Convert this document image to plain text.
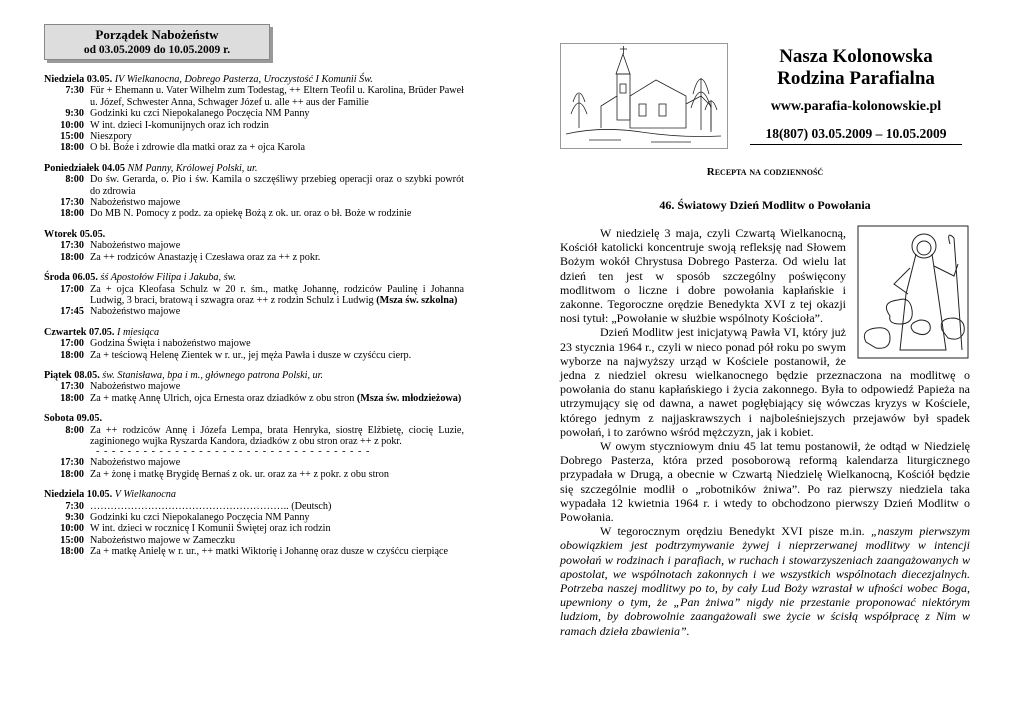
Porządek Nabożeństw
od 03.05.2009 do 10.05.2009 r.
Niedziela 03.05. IV Wielkanocna, Dobrego Pasterza, Uroczystość I Komunii Św.
7:30 Für + Ehemann u. Vater Wilhelm zum Todestag, ++ Eltern Teofil u. Karolina, Brüder Paweł u. Józef, Schwester Anna, Schwager Józef u. alle ++ aus der Familie
9:30 Godzinki ku czci Niepokalanego Poczęcia NM Panny
10:00 W int. dzieci I-komunijnych oraz ich rodzin
15:00 Nieszpory
18:00 O bł. Boże i zdrowie dla matki oraz za + ojca Karola
Poniedziałek 04.05 NM Panny, Królowej Polski, ur.
8:00 Do św. Gerarda, o. Pio i św. Kamila o szczęśliwy przebieg operacji oraz o szybki powrót do zdrowia
17:30 Nabożeństwo majowe
18:00 Do MB N. Pomocy z podz. za opiekę Bożą z ok. ur. oraz o bł. Boże w rodzinie
Wtorek 05.05.
17:30 Nabożeństwo majowe
18:00 Za ++ rodziców Anastazję i Czesława oraz za ++ z pokr.
Środa 06.05. śś Apostołów Filipa i Jakuba, św.
17:00 Za + ojca Kleofasa Schulz w 20 r. śm., matkę Johannę, rodziców Paulinę i Johanna Ludwig, 3 braci, bratową i szwagra oraz ++ z rodzin Schulz i Ludwig (Msza św. szkolna)
17:45 Nabożeństwo majowe
Czwartek 07.05. I miesiąca
17:00 Godzina Święta i nabożeństwo majowe
18:00 Za + teściową Helenę Zientek w r. ur., jej męża Pawła i dusze w czyśćcu cierp.
Piątek 08.05. św. Stanisława, bpa i m., głównego patrona Polski, ur.
17:30 Nabożeństwo majowe
18:00 Za + matkę Annę Ulrich, ojca Ernesta oraz dziadków z obu stron (Msza św. młodzieżowa)
Sobota 09.05.
8:00 Za ++ rodziców Annę i Józefa Lempa, brata Henryka, siostrę Elżbietę, ciocię Luzie, zaginionego wujka Ryszarda Kandora, dziadków z obu stron oraz ++ z pokr.
- - - - - - - - - - - - - - - - - - - - - - - - - - - - - - - - - - -
17:30 Nabożeństwo majowe
18:00 Za + żonę i matkę Brygidę Bernaś z ok. ur. oraz za ++ z pokr. z obu stron
Niedziela 10.05. V Wielkanocna
7:30 ………………………………………………….. (Deutsch)
9:30 Godzinki ku czci Niepokalanego Poczęcia NM Panny
10:00 W int. dzieci w rocznicę I Komunii Świętej oraz ich rodzin
15:00 Nabożeństwo majowe w Zameczku
18:00 Za + matkę Anielę w r. ur., ++ matki Wiktorię i Johannę oraz dusze w czyśćcu cierpiące
Nasza Kolonowska
Rodzina Parafialna
www.parafia-kolonowskie.pl
18(807) 03.05.2009 – 10.05.2009
Recepta na codzienność
46. Światowy Dzień Modlitw o Powołania

W niedzielę 3 maja, czyli Czwartą Wielkanocną, Kościół katolicki koncentruje swoją refleksję nad Słowem Bożym wokół Chrystusa Dobrego Pasterza. Od wielu lat dzień ten jest w sposób szczególny poświęcony modlitwom o liczne i dobre powołania kapłańskie i zakonne. Tegoroczne orędzie Benedykta XVI z tej okazji nosi tytuł: „Powołanie w służbie wspólnoty Kościoła”.

Dzień Modlitw jest inicjatywą Pawła VI, który już 23 stycznia 1964 r., czyli w nieco ponad pół roku po swym wyborze na najwyższy urząd w Kościele postanowił, że jedna z niedziel okresu wielkanocnego będzie przeznaczona na modlitwę o powołania do stanu kapłańskiego i życia zakonnego. Była to odpowiedź Papieża na utrzymujący się od dawna, a nawet pogłębiający się wówczas kryzys w Kościele, którego jednym z najjaskrawszych i najboleśniejszych przejawów był spadek powołań, i to zarówno wśród mężczyzn, jak i kobiet.

W owym styczniowym dniu 45 lat temu postanowił, że odtąd w Niedzielę Dobrego Pasterza, która przed posoborową reformą kalendarza liturgicznego przypadała w Drugą, a obecnie w Czwartą Niedzielę Wielkanocną, Kościół będzie się szczególnie modlił o „robotników żniwa”. Po raz pierwszy niedziela taka wypadała 12 kwietnia 1964 r. i wtedy to obchodzono pierwszy Dzień Modlitw o Powołania.

W tegorocznym orędziu Benedykt XVI pisze m.in. „naszym pierwszym obowiązkiem jest podtrzymywanie żywej i nieprzerwanej modlitwy w intencji powołań w rodzinach i parafiach, w ruchach i stowarzyszeniach zaangażowanych w apostolat, we wspólnotach zakonnych i we wszystkich wspólnotach diecezjalnych. Potrzeba naszej modlitwy po to, by cały Lud Boży wzrastał w ufności wobec Boga, upewniony o tym, że „Pan żniwa” nigdy nie przestanie proponować niektórym ludziom, by dobrowolnie zaangażowali swe życie w ścisłą współpracę z Nim w ramach dzieła zbawienia”.
